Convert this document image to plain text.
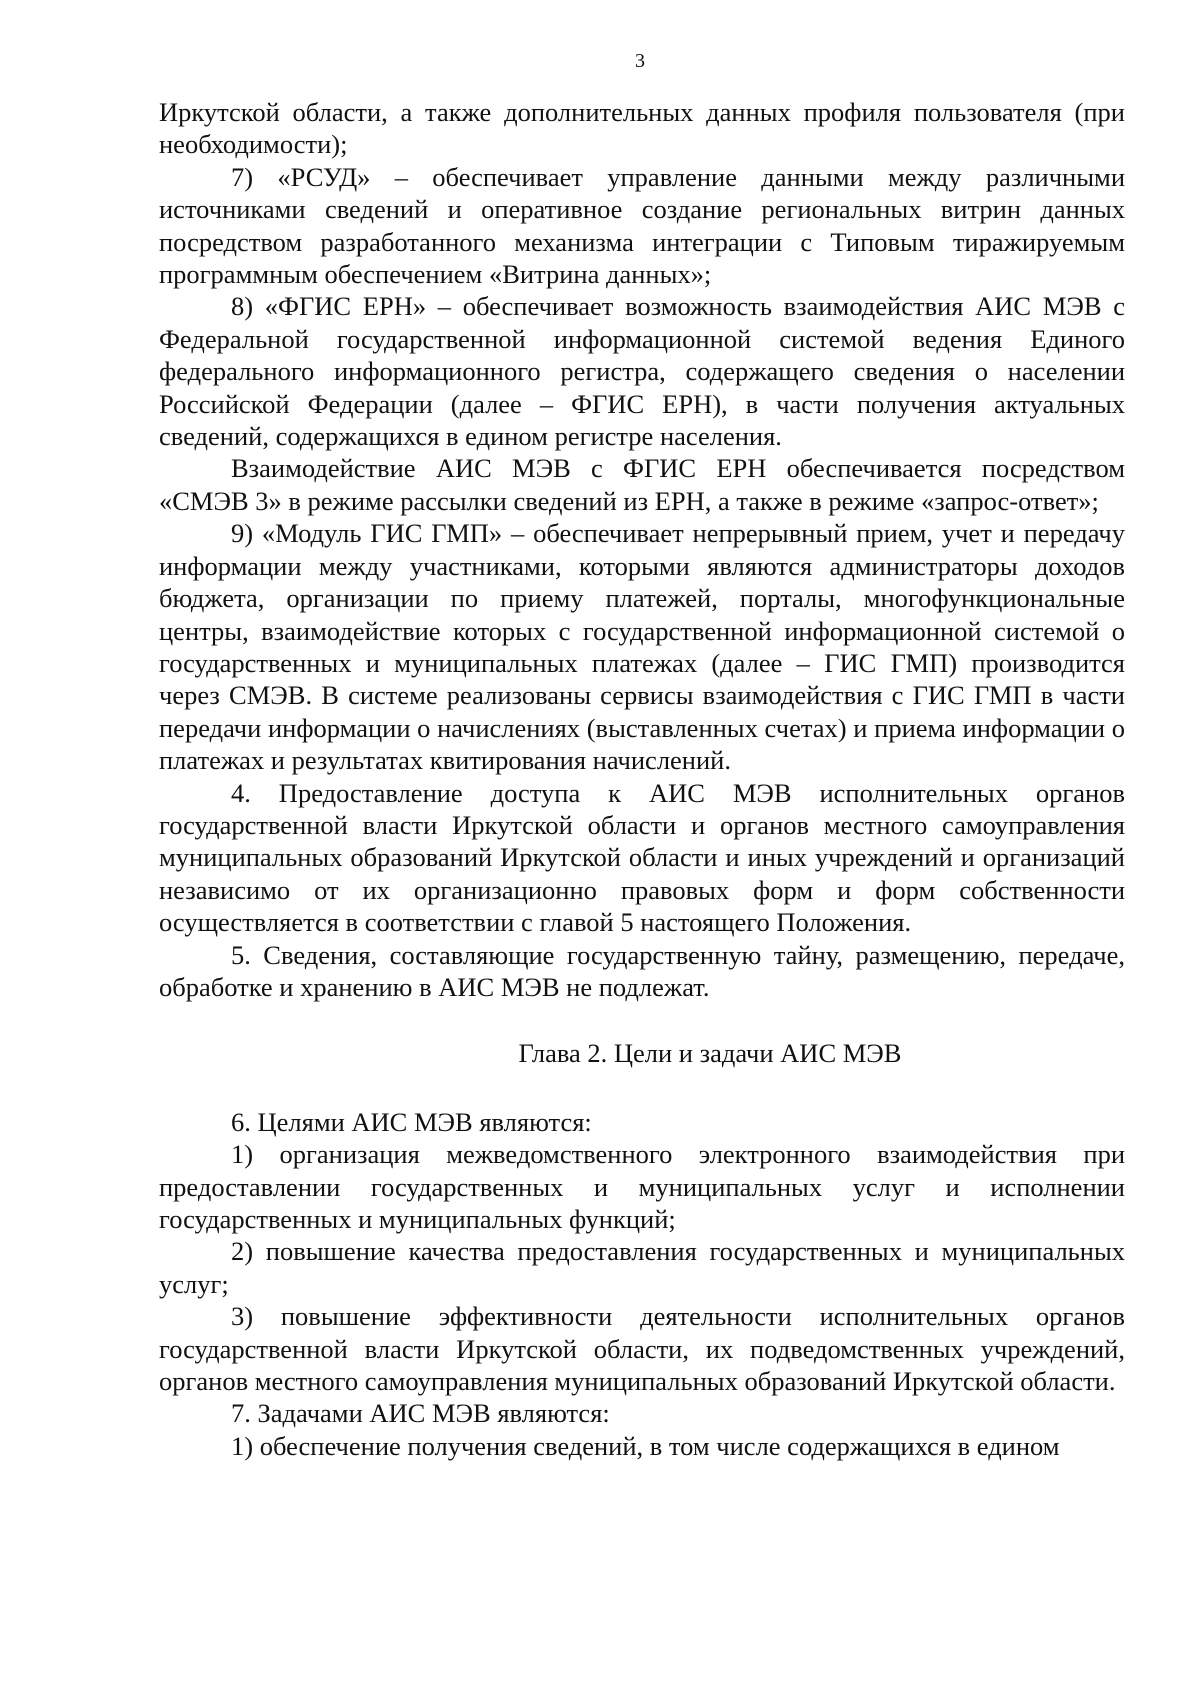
3

Иркутской области, а также дополнительных данных профиля пользователя (при необходимости);

7) «РСУД» – обеспечивает управление данными между различными источниками сведений и оперативное создание региональных витрин данных посредством разработанного механизма интеграции с Типовым тиражируемым программным обеспечением «Витрина данных»;

8) «ФГИС ЕРН» – обеспечивает возможность взаимодействия АИС МЭВ с Федеральной государственной информационной системой ведения Единого федерального информационного регистра, содержащего сведения о населении Российской Федерации (далее – ФГИС ЕРН), в части получения актуальных сведений, содержащихся в едином регистре населения.

Взаимодействие АИС МЭВ с ФГИС ЕРН обеспечивается посредством «СМЭВ 3» в режиме рассылки сведений из ЕРН, а также в режиме «запрос-ответ»;

9) «Модуль ГИС ГМП» – обеспечивает непрерывный прием, учет и передачу информации между участниками, которыми являются администраторы доходов бюджета, организации по приему платежей, порталы, многофункциональные центры, взаимодействие которых с государственной информационной системой о государственных и муниципальных платежах (далее – ГИС ГМП) производится через СМЭВ. В системе реализованы сервисы взаимодействия с ГИС ГМП в части передачи информации о начислениях (выставленных счетах) и приема информации о платежах и результатах квитирования начислений.

4. Предоставление доступа к АИС МЭВ исполнительных органов государственной власти Иркутской области и органов местного самоуправления муниципальных образований Иркутской области и иных учреждений и организаций независимо от их организационно правовых форм и форм собственности осуществляется в соответствии с главой 5 настоящего Положения.

5. Сведения, составляющие государственную тайну, размещению, передаче, обработке и хранению в АИС МЭВ не подлежат.

Глава 2. Цели и задачи АИС МЭВ

6. Целями АИС МЭВ являются:

1) организация межведомственного электронного взаимодействия при предоставлении государственных и муниципальных услуг и исполнении государственных и муниципальных функций;

2) повышение качества предоставления государственных и муниципальных услуг;

3) повышение эффективности деятельности исполнительных органов государственной власти Иркутской области, их подведомственных учреждений, органов местного самоуправления муниципальных образований Иркутской области.

7. Задачами АИС МЭВ являются:

1) обеспечение получения сведений, в том числе содержащихся в едином
